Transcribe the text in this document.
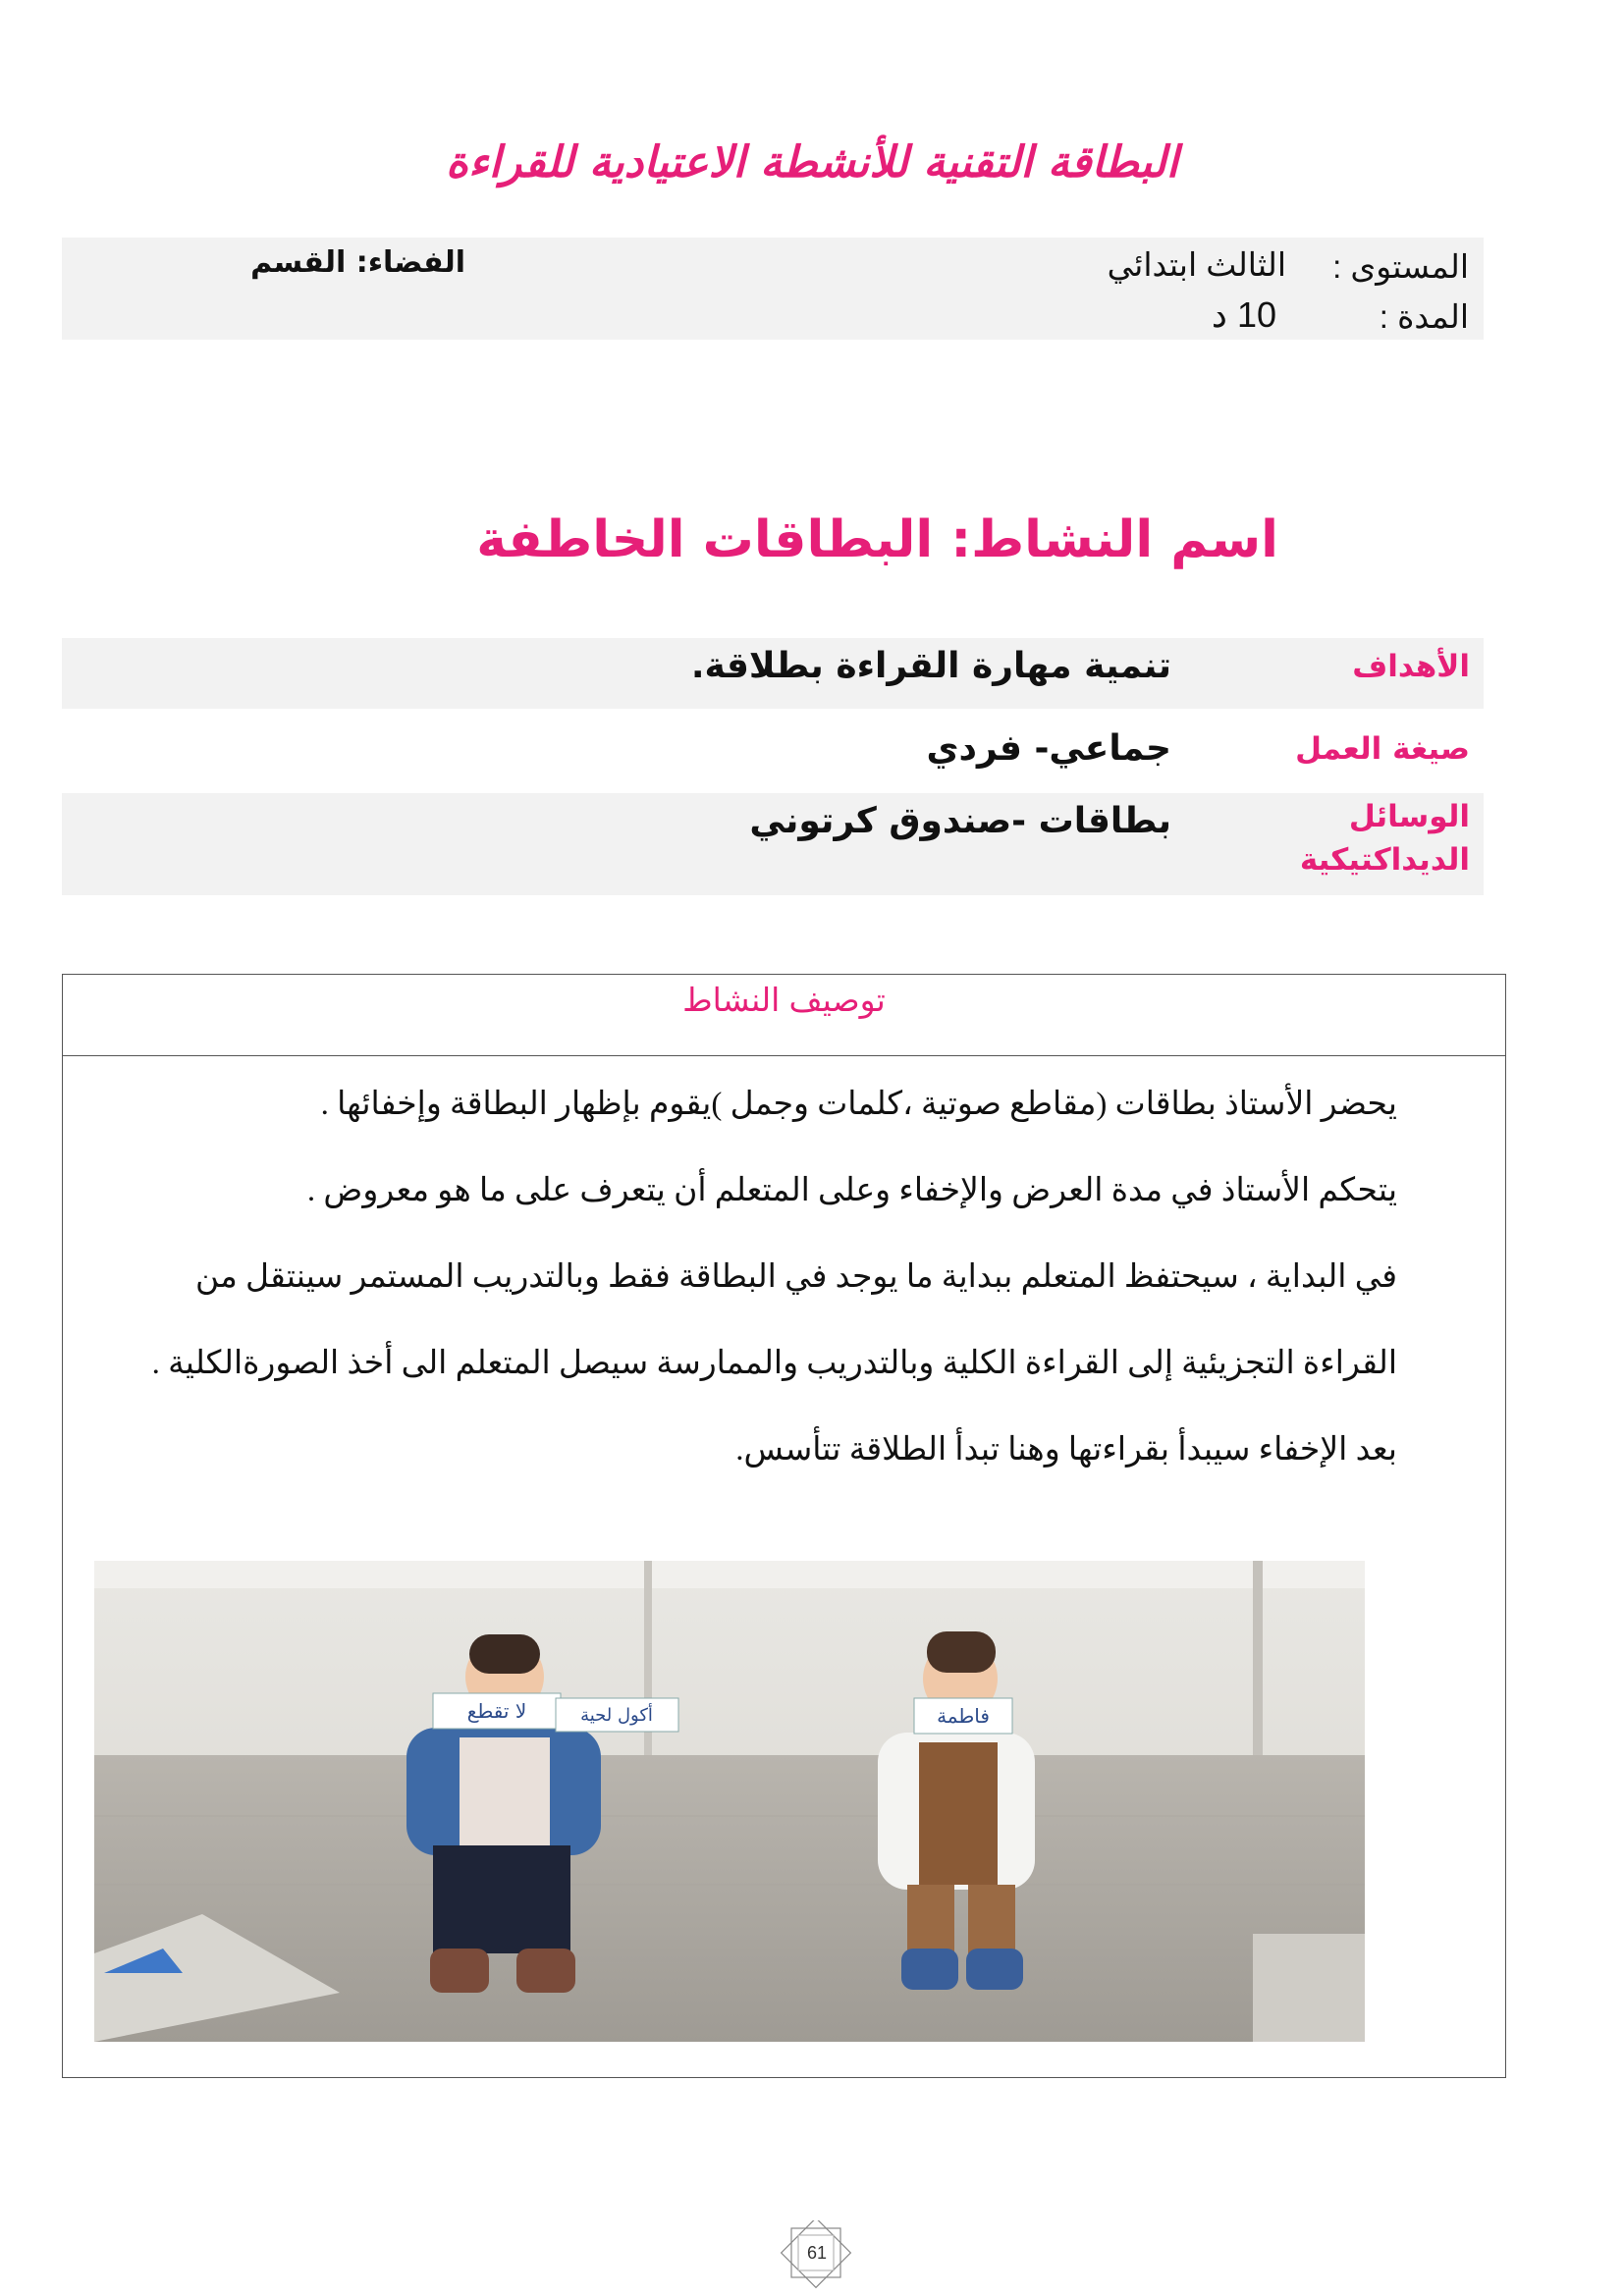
البطاقة التقنية للأنشطة الاعتيادية للقراءة
المستوى :
الثالث ابتدائي
المدة :
10 د
الفضاء: القسم
اسم النشاط: البطاقات الخاطفة
الأهداف
تنمية مهارة القراءة بطلاقة.
صيغة العمل
جماعي- فردي
الوسائل
الديداكتيكية
بطاقات -صندوق كرتوني
توصيف النشاط
يحضر الأستاذ بطاقات (مقاطع صوتية ،كلمات وجمل )يقوم بإظهار البطاقة وإخفائها .
يتحكم الأستاذ في مدة العرض والإخفاء وعلى المتعلم أن يتعرف على ما هو معروض .
في البداية ، سيحتفظ المتعلم ببداية ما يوجد في البطاقة فقط وبالتدريب المستمر سينتقل من
القراءة التجزيئية إلى القراءة الكلية وبالتدريب والممارسة سيصل المتعلم الى أخذ الصورةالكلية .
بعد الإخفاء سيبدأ بقراءتها وهنا تبدأ الطلاقة تتأسس.
لا تقطع	أكول لحية	فاطمة
61
